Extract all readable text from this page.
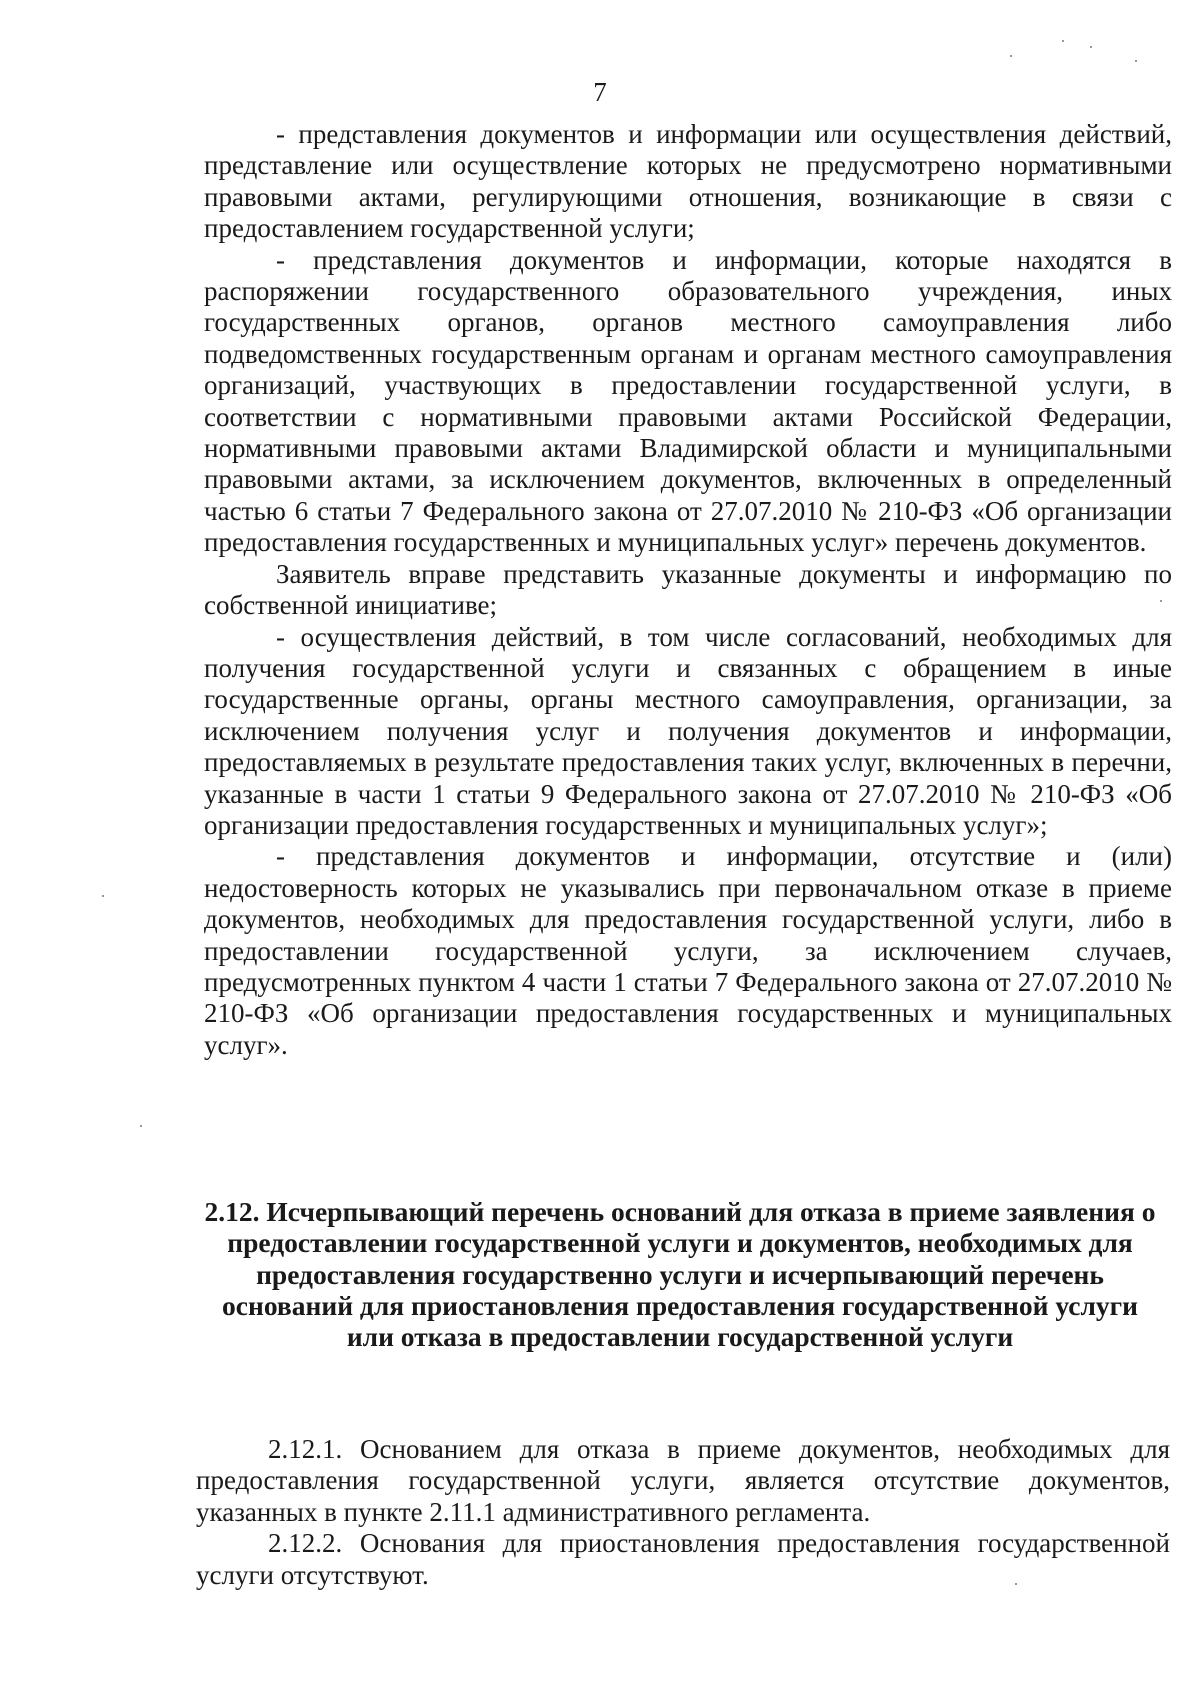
7

- представления документов и информации или осуществления действий, представление или осуществление которых не предусмотрено нормативными правовыми актами, регулирующими отношения, возникающие в связи с предоставлением государственной услуги;

- представления документов и информации, которые находятся в распоряжении государственного образовательного учреждения, иных государственных органов, органов местного самоуправления либо подведомственных государственным органам и органам местного самоуправления организаций, участвующих в предоставлении государственной услуги, в соответствии с нормативными правовыми актами Российской Федерации, нормативными правовыми актами Владимирской области и муниципальными правовыми актами, за исключением документов, включенных в определенный частью 6 статьи 7 Федерального закона от 27.07.2010 № 210-ФЗ «Об организации предоставления государственных и муниципальных услуг» перечень документов.

Заявитель вправе представить указанные документы и информацию по собственной инициативе;

- осуществления действий, в том числе согласований, необходимых для получения государственной услуги и связанных с обращением в иные государственные органы, органы местного самоуправления, организации, за исключением получения услуг и получения документов и информации, предоставляемых в результате предоставления таких услуг, включенных в перечни, указанные в части 1 статьи 9 Федерального закона от 27.07.2010 № 210-ФЗ «Об организации предоставления государственных и муниципальных услуг»;

- представления документов и информации, отсутствие и (или) недостоверность которых не указывались при первоначальном отказе в приеме документов, необходимых для предоставления государственной услуги, либо в предоставлении государственной услуги, за исключением случаев, предусмотренных пунктом 4 части 1 статьи 7 Федерального закона от 27.07.2010 № 210-ФЗ «Об организации предоставления государственных и муниципальных услуг».

2.12. Исчерпывающий перечень оснований для отказа в приеме заявления о предоставлении государственной услуги и документов, необходимых для предоставления государственно услуги и исчерпывающий перечень оснований для приостановления предоставления государственной услуги или отказа в предоставлении государственной услуги

2.12.1. Основанием для отказа в приеме документов, необходимых для предоставления государственной услуги, является отсутствие документов, указанных в пункте 2.11.1 административного регламента.

2.12.2. Основания для приостановления предоставления государственной услуги отсутствуют.
